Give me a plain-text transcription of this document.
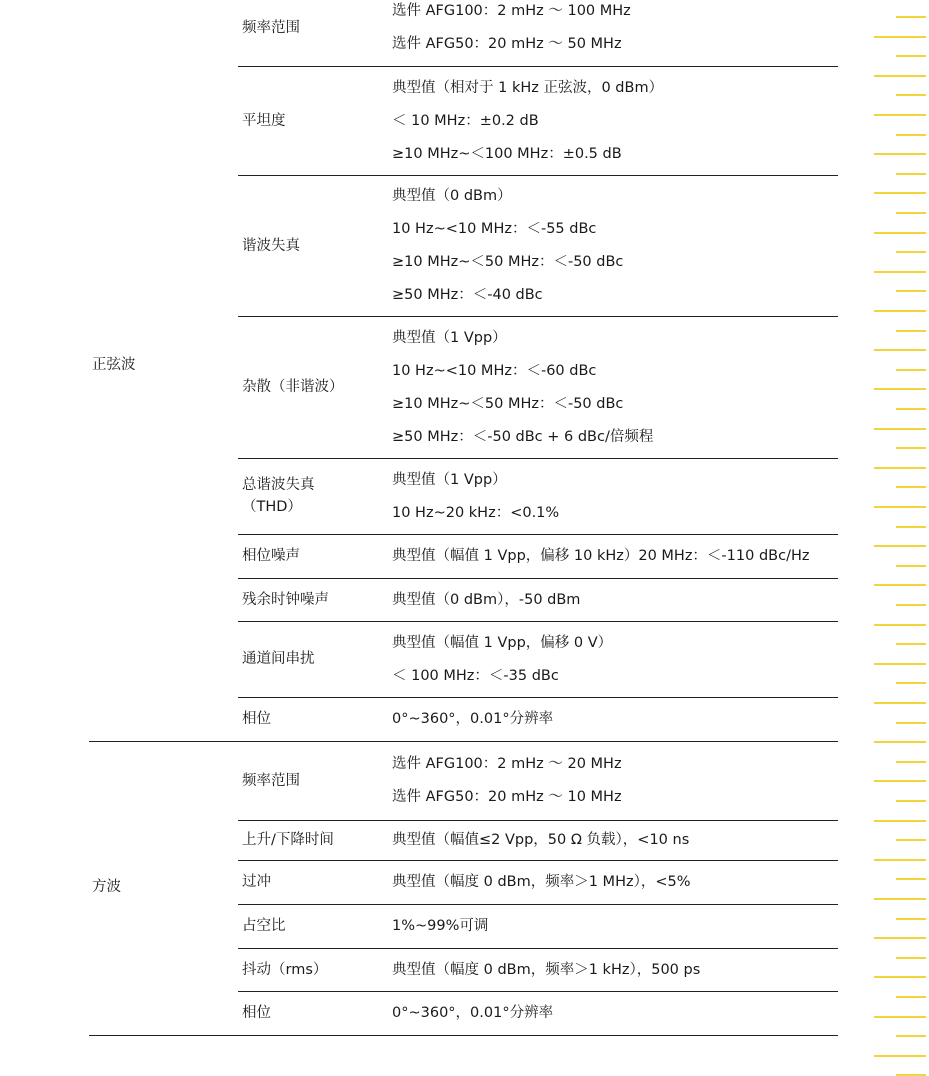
正弦波
选件 AFG100：2 mHz ～ 100 MHz
选件 AFG50：20 mHz ～ 50 MHz
频率范围
典型值（相对于 1 kHz 正弦波，0 dBm）
＜ 10 MHz：±0.2 dB
≥10 MHz~＜100 MHz：±0.5 dB
平坦度
典型值（0 dBm）
10 Hz~<10 MHz：＜-55 dBc
≥10 MHz~＜50 MHz：＜-50 dBc
≥50 MHz：＜-40 dBc
谐波失真
典型值（1 Vpp）
10 Hz~<10 MHz：＜-60 dBc
≥10 MHz~＜50 MHz：＜-50 dBc
≥50 MHz：＜-50 dBc + 6 dBc/倍频程
杂散（非谐波）
典型值（1 Vpp）
10 Hz~20 kHz：<0.1%
总谐波失真
（THD）
典型值（幅值 1 Vpp，偏移 10 kHz）20 MHz：＜-110 dBc/Hz
相位噪声
典型值（0 dBm），-50 dBm
残余时钟噪声
典型值（幅值 1 Vpp，偏移 0 V）
＜ 100 MHz：＜-35 dBc
通道间串扰
0°~360°，0.01°分辨率
相位
方波
选件 AFG100：2 mHz ～ 20 MHz
选件 AFG50：20 mHz ～ 10 MHz
频率范围
典型值（幅值≤2 Vpp，50 Ω 负载），<10 ns
上升/下降时间
典型值（幅度 0 dBm，频率＞1 MHz），<5%
过冲
1%~99%可调
占空比
典型值（幅度 0 dBm，频率＞1 kHz），500 ps
抖动（rms）
0°~360°，0.01°分辨率
相位
